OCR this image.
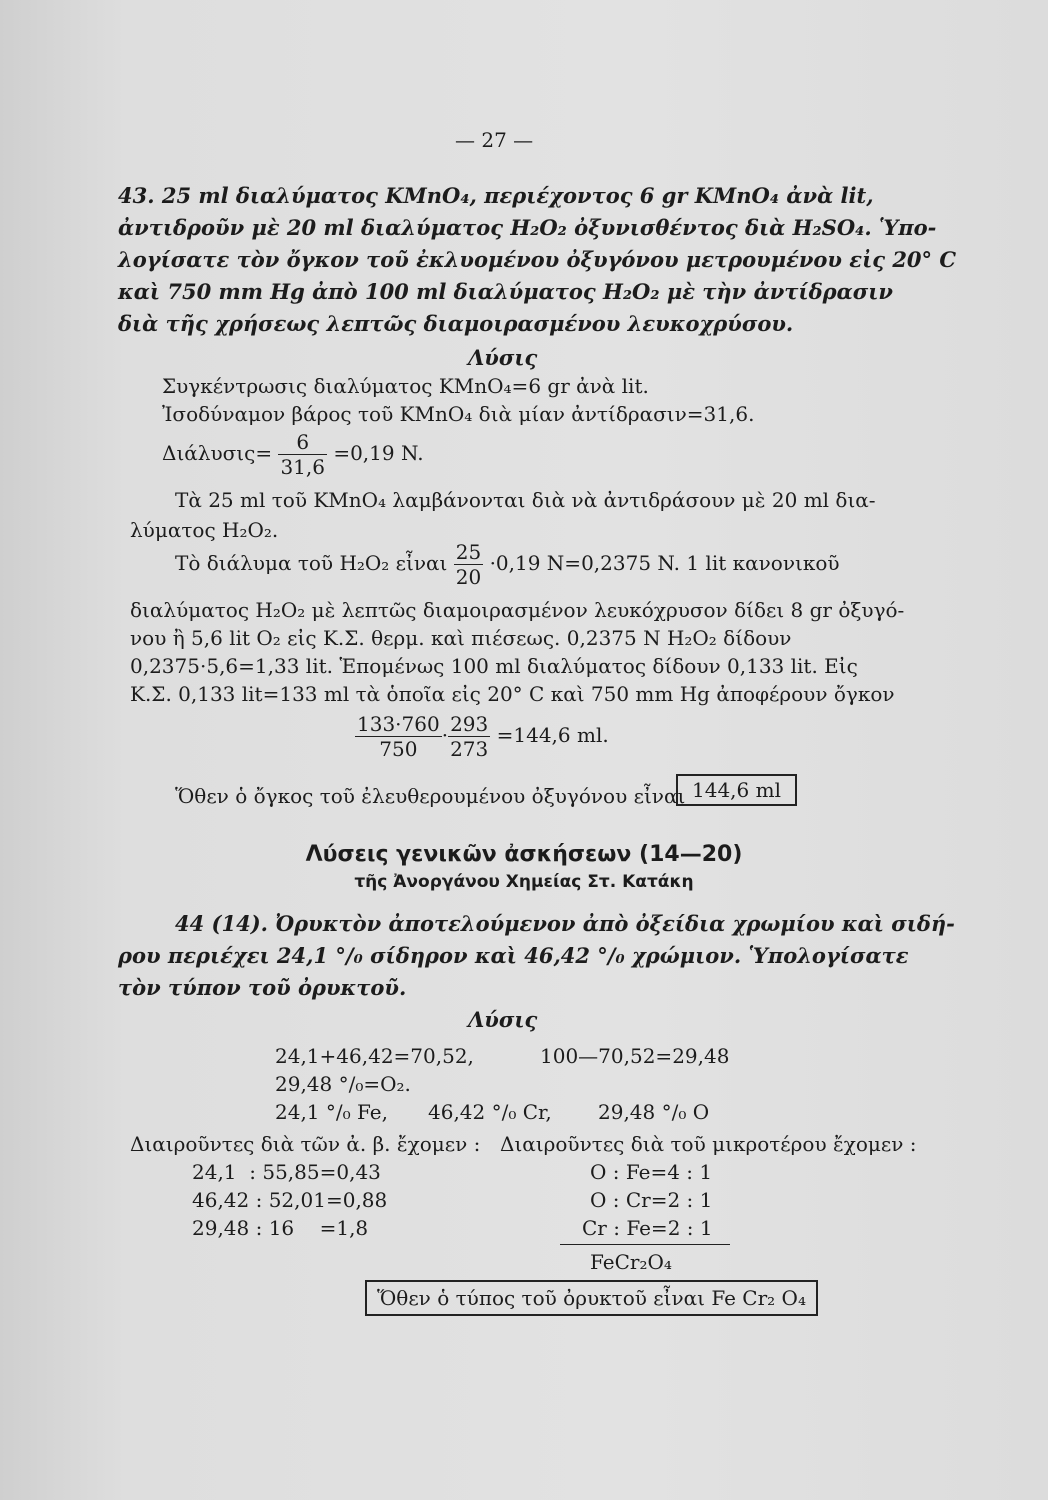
— 27 —
43. 25 ml διαλύματος KMnO₄, περιέχοντος 6 gr KMnO₄ ἀνὰ lit,
ἀντιδροῦν μὲ 20 ml διαλύματος H₂O₂ ὀξυνισθέντος διὰ H₂SO₄. Ὑπο-
λογίσατε τὸν ὄγκον τοῦ ἐκλυομένου ὀξυγόνου μετρουμένου εἰς 20° C
καὶ 750 mm Hg ἀπὸ 100 ml διαλύματος H₂O₂ μὲ τὴν ἀντίδρασιν
διὰ τῆς χρήσεως λεπτῶς διαμοιρασμένου λευκοχρύσου.
Λύσις
Συγκέντρωσις διαλύματος KMnO₄=6 gr ἀνὰ lit.
Ἰσοδύναμον βάρος τοῦ KMnO₄ διὰ μίαν ἀντίδρασιν=31,6.
$\Delta\iota ά\lambda\upsilon\sigma\iota\varsigma= \frac{6}{31,6} =0,19$ N.
Τὰ 25 ml τοῦ KMnO₄ λαμβάνονται διὰ νὰ ἀντιδράσουν μὲ 20 ml δια-
λύματος H₂O₂.
Τὸ διάλυμα τοῦ H₂O₂ εἶναι $\frac{25}{20} \cdot 0,19$ N=0,2375 N. 1 lit κανονικοῦ
διαλύματος H₂O₂ μὲ λεπτῶς διαμοιρασμένον λευκόχρυσον δίδει 8 gr ὀξυγό-
νου ἢ 5,6 lit O₂ εἰς Κ.Σ. θερμ. καὶ πιέσεως. 0,2375 N H₂O₂ δίδουν
0,2375·5,6=1,33 lit. Ἑπομένως 100 ml διαλύματος δίδουν 0,133 lit. Εἰς
Κ.Σ. 0,133 lit=133 ml τὰ ὁποῖα εἰς 20° C καὶ 750 mm Hg ἀποφέρουν ὄγκον
$\frac{133\cdot 760}{750} \cdot \frac{293}{273} =144,6$ ml.
Ὅθεν ὁ ὄγκος τοῦ ἐλευθερουμένου ὀξυγόνου εἶναι 144,6 ml
Λύσεις γενικῶν ἀσκήσεων (14—20)
τῆς Ἀνοργάνου Χημείας Στ. Κατάκη
44 (14). Ὀρυκτὸν ἀποτελούμενον ἀπὸ ὀξείδια χρωμίου καὶ σιδή-
ρου περιέχει 24,1 °/₀ σίδηρον καὶ 46,42 °/₀ χρώμιον. Ὑπολογίσατε
τὸν τύπον τοῦ ὀρυκτοῦ.
Λύσις
24,1+46,42=70,52,	100—70,52=29,48
29,48 °/₀=O₂.
24,1 °/₀ Fe, 46,42 °/₀ Cr, 29,48 °/₀ O
Διαιροῦντες διὰ τῶν ἀ. β. ἔχομεν : Διαιροῦντες διὰ τοῦ μικροτέρου ἔχομεν :
24,1  : 55,85=0,43
46,42 : 52,01=0,88
29,48 : 16    =1,8
O : Fe=4 : 1
O : Cr=2 : 1
Cr : Fe=2 : 1
FeCr₂O₄
Ὅθεν ὁ τύπος τοῦ ὀρυκτοῦ εἶναι Fe Cr₂ O₄
